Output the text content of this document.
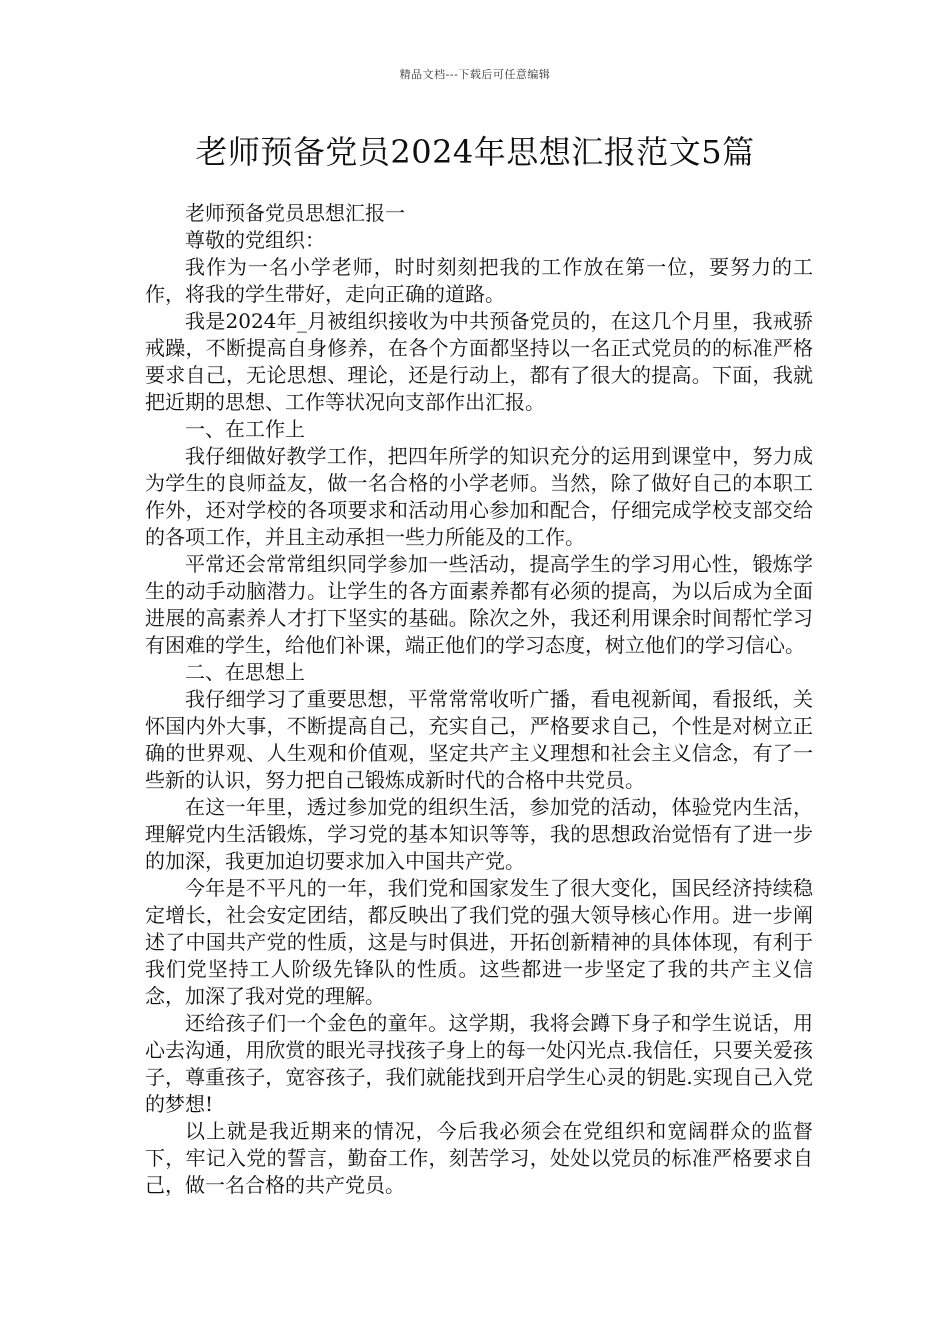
精品文档---下载后可任意编辑
老师预备党员2024年思想汇报范文5篇

老师预备党员思想汇报一

尊敬的党组织：

我作为一名小学老师，时时刻刻把我的工作放在第一位，要努力的工作，将我的学生带好，走向正确的道路。

我是2024年_月被组织接收为中共预备党员的，在这几个月里，我戒骄戒躁，不断提高自身修养，在各个方面都坚持以一名正式党员的的标准严格要求自己，无论思想、理论，还是行动上，都有了很大的提高。下面，我就把近期的思想、工作等状况向支部作出汇报。

一、在工作上

我仔细做好教学工作，把四年所学的知识充分的运用到课堂中，努力成为学生的良师益友，做一名合格的小学老师。当然，除了做好自己的本职工作外，还对学校的各项要求和活动用心参加和配合，仔细完成学校支部交给的各项工作，并且主动承担一些力所能及的工作。

平常还会常常组织同学参加一些活动，提高学生的学习用心性，锻炼学生的动手动脑潜力。让学生的各方面素养都有必须的提高，为以后成为全面进展的高素养人才打下坚实的基础。除次之外，我还利用课余时间帮忙学习有困难的学生，给他们补课，端正他们的学习态度，树立他们的学习信心。

二、在思想上

我仔细学习了重要思想，平常常常收听广播，看电视新闻，看报纸，关怀国内外大事，不断提高自己，充实自己，严格要求自己，个性是对树立正确的世界观、人生观和价值观，坚定共产主义理想和社会主义信念，有了一些新的认识，努力把自己锻炼成新时代的合格中共党员。

在这一年里，透过参加党的组织生活，参加党的活动，体验党内生活，理解党内生活锻炼，学习党的基本知识等等，我的思想政治觉悟有了进一步的加深，我更加迫切要求加入中国共产党。

今年是不平凡的一年，我们党和国家发生了很大变化，国民经济持续稳定增长，社会安定团结，都反映出了我们党的强大领导核心作用。进一步阐述了中国共产党的性质，这是与时俱进，开拓创新精神的具体体现，有利于我们党坚持工人阶级先锋队的性质。这些都进一步坚定了我的共产主义信念，加深了我对党的理解。

还给孩子们一个金色的童年。这学期，我将会蹲下身子和学生说话，用心去沟通，用欣赏的眼光寻找孩子身上的每一处闪光点.我信任，只要关爱孩子，尊重孩子，宽容孩子，我们就能找到开启学生心灵的钥匙.实现自己入党的梦想!

以上就是我近期来的情况，今后我必须会在党组织和宽阔群众的监督下，牢记入党的誓言，勤奋工作，刻苦学习，处处以党员的标准严格要求自己，做一名合格的共产党员。
